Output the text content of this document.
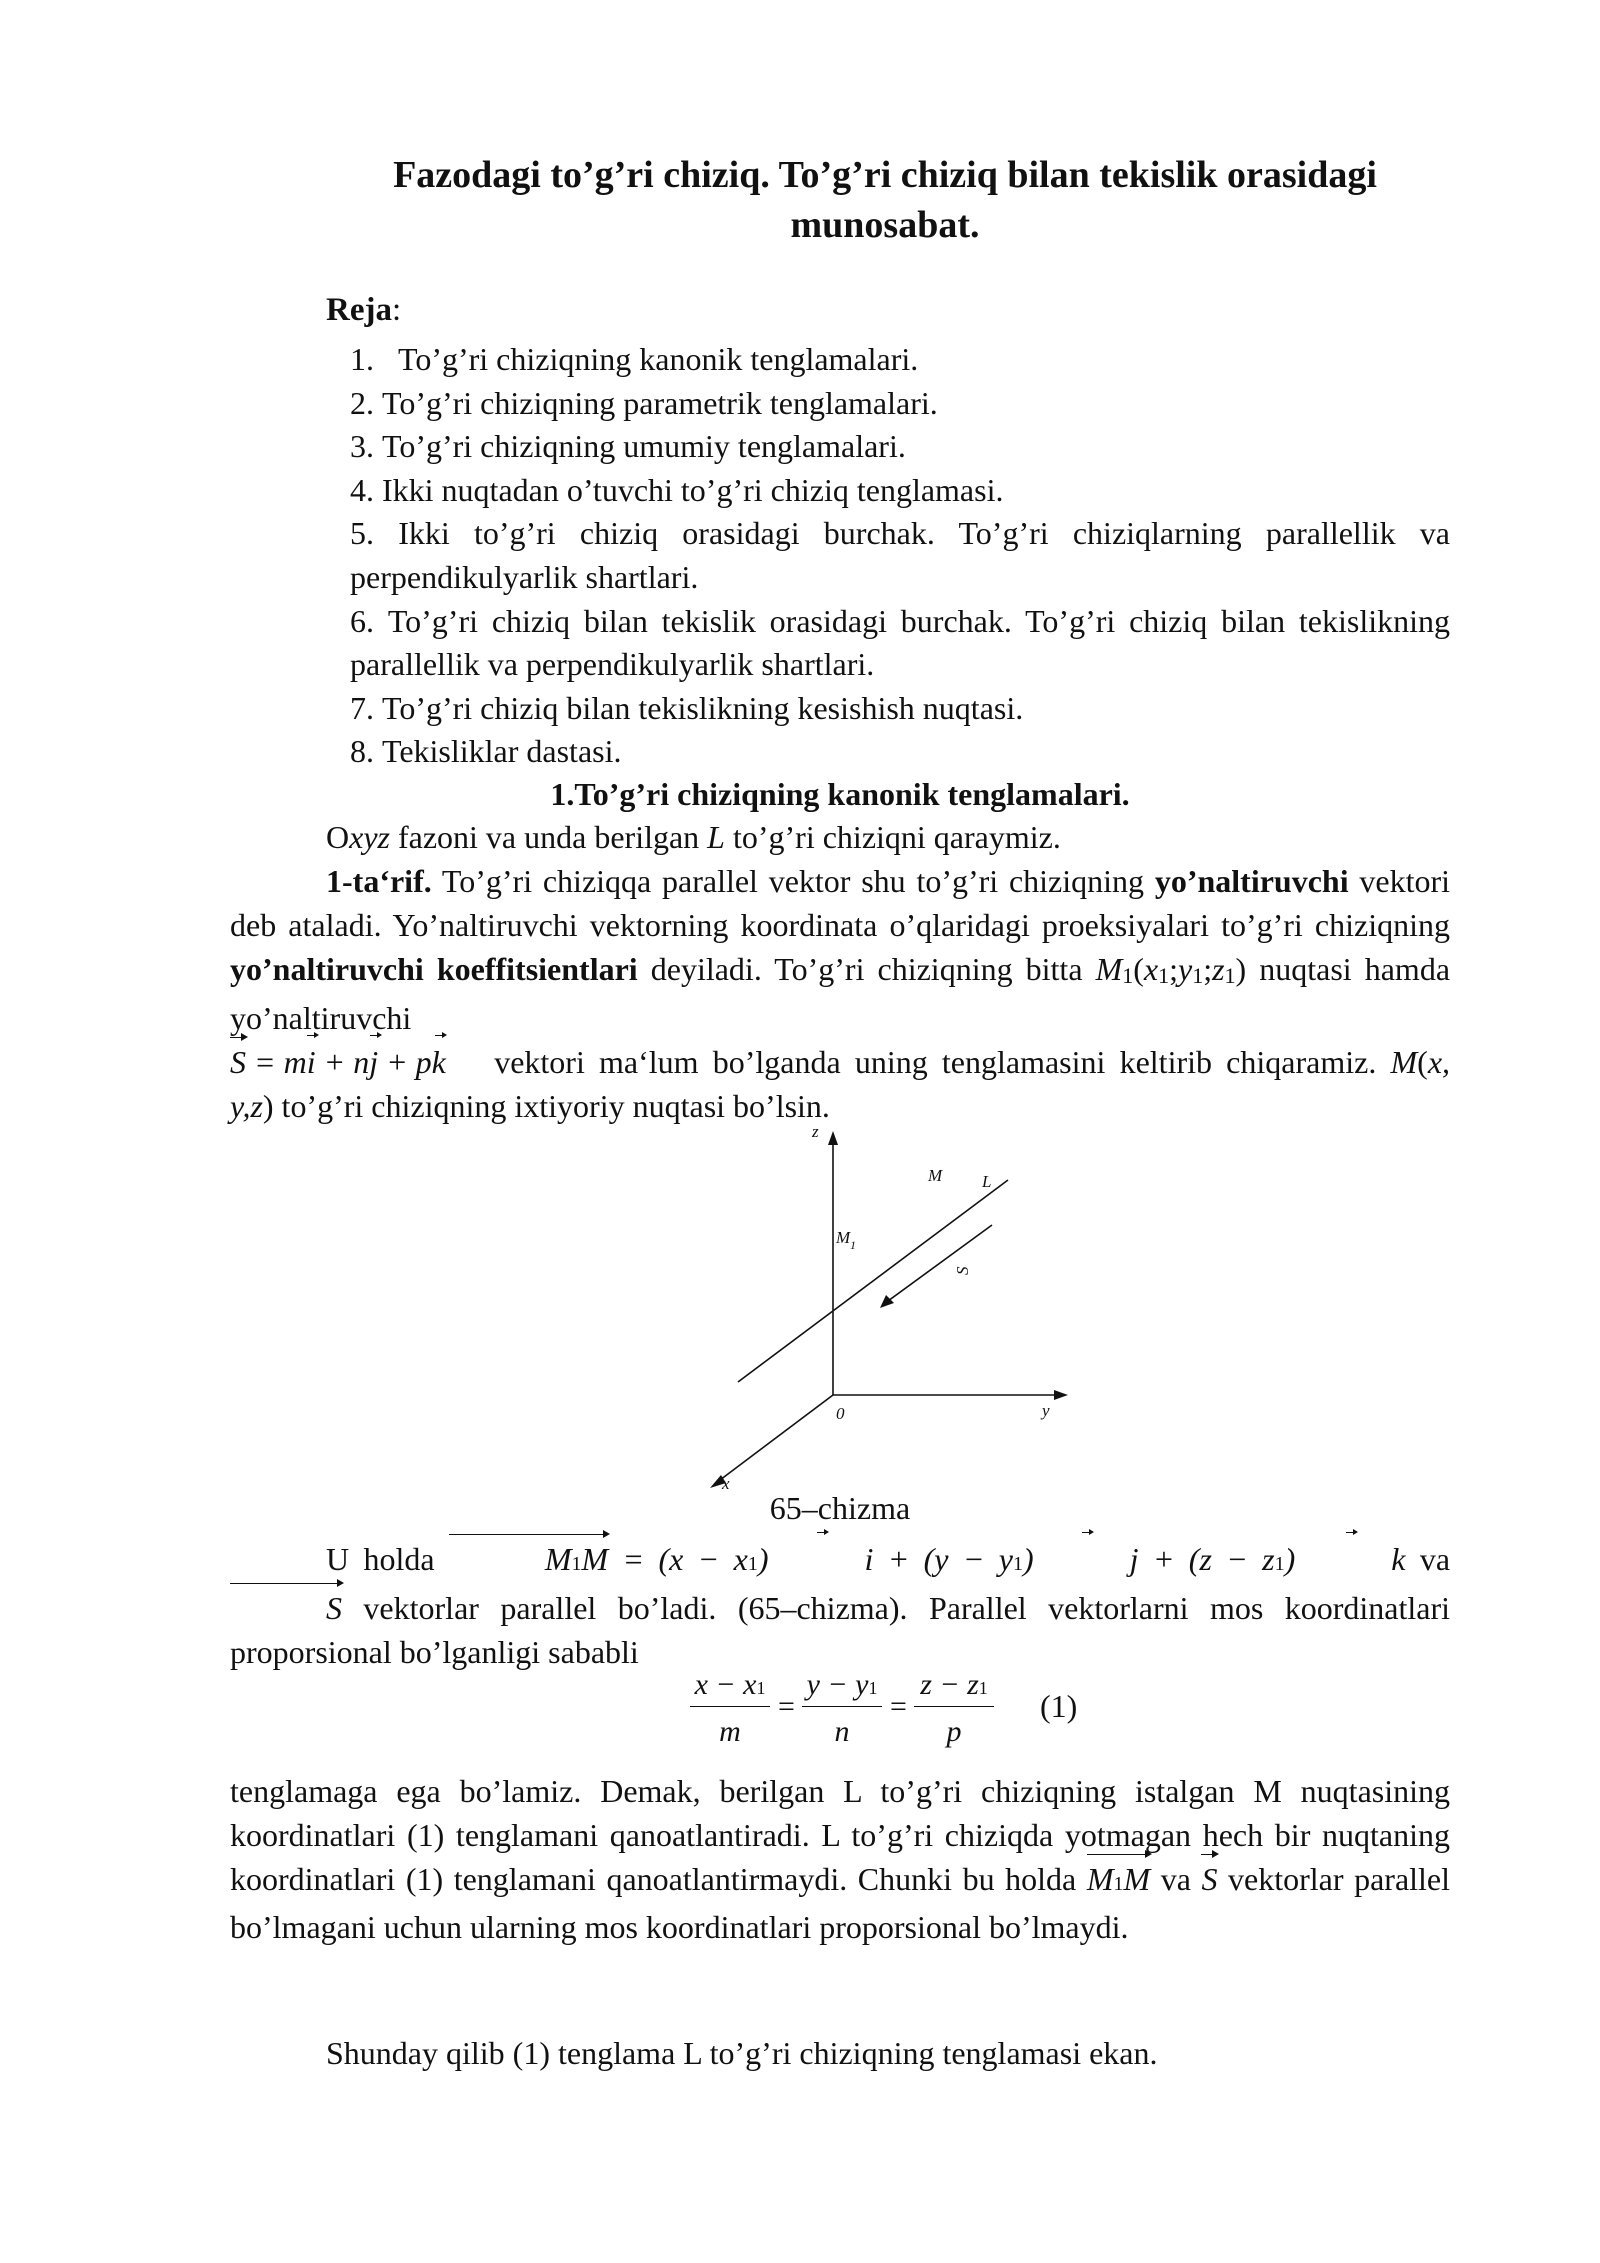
Fazodagi to’g’ri chiziq. To’g’ri chiziq bilan tekislik orasidagi
munosabat.
Reja:
1. To’g’ri chiziqning kanonik tenglamalari.
2. To’g’ri chiziqning parametrik tenglamalari.
3. To’g’ri chiziqning umumiy tenglamalari.
4. Ikki nuqtadan o’tuvchi to’g’ri chiziq tenglamasi.
5. Ikki to’g’ri chiziq orasidagi burchak. To’g’ri chiziqlarning parallellik va perpendikulyarlik shartlari.
6. To’g’ri chiziq bilan tekislik orasidagi burchak. To’g’ri chiziq bilan tekislikning parallellik va perpendikulyarlik shartlari.
7. To’g’ri chiziq bilan tekislikning kesishish nuqtasi.
8. Tekisliklar dastasi.
1.To’g’ri chiziqning kanonik tenglamalari.
Oxyz fazoni va unda berilgan L to’g’ri chiziqni qaraymiz.
1-ta‘rif. To’g’ri chiziqqa parallel vektor shu to’g’ri chiziqning yo’naltiruvchi vektori deb ataladi. Yo’naltiruvchi vektorning koordinata o’qlaridagi proeksiyalari to’g’ri chiziqning yo’naltiruvchi koeffitsientlari deyiladi. To’g’ri chiziqning bitta M1(x1;y1;z1) nuqtasi hamda yo’naltiruvchi
S = mi + nj + pk vektori ma‘lum bo’lganda uning tenglamasini keltirib chiqaramiz. M(x, y,z) to’g’ri chiziqning ixtiyoriy nuqtasi bo’lsin.
z
y
x
0
M L
M 1
S
65–chizma
U holda	M1M = (x − x1)	i + (y − y1)	j + (z − z1)	k va S vektorlar parallel bo’ladi. (65–chizma). Parallel vektorlarni mos koordinatlari proporsional bo’lganligi sababli
$\frac{x - x1}{m} = \frac{y - y1}{n} = \frac{z - z1}{p} (1)$
tenglamaga ega bo’lamiz. Demak, berilgan L to’g’ri chiziqning istalgan M nuqtasining koordinatlari (1) tenglamani qanoatlantiradi. L to’g’ri chiziqda yotmagan hech bir nuqtaning koordinatlari (1) tenglamani qanoatlantirmaydi. Chunki bu holda M1M va S vektorlar parallel bo’lmagani uchun ularning mos koordinatlari proporsional bo’lmaydi.
Shunday qilib (1) tenglama L to’g’ri chiziqning tenglamasi ekan.
